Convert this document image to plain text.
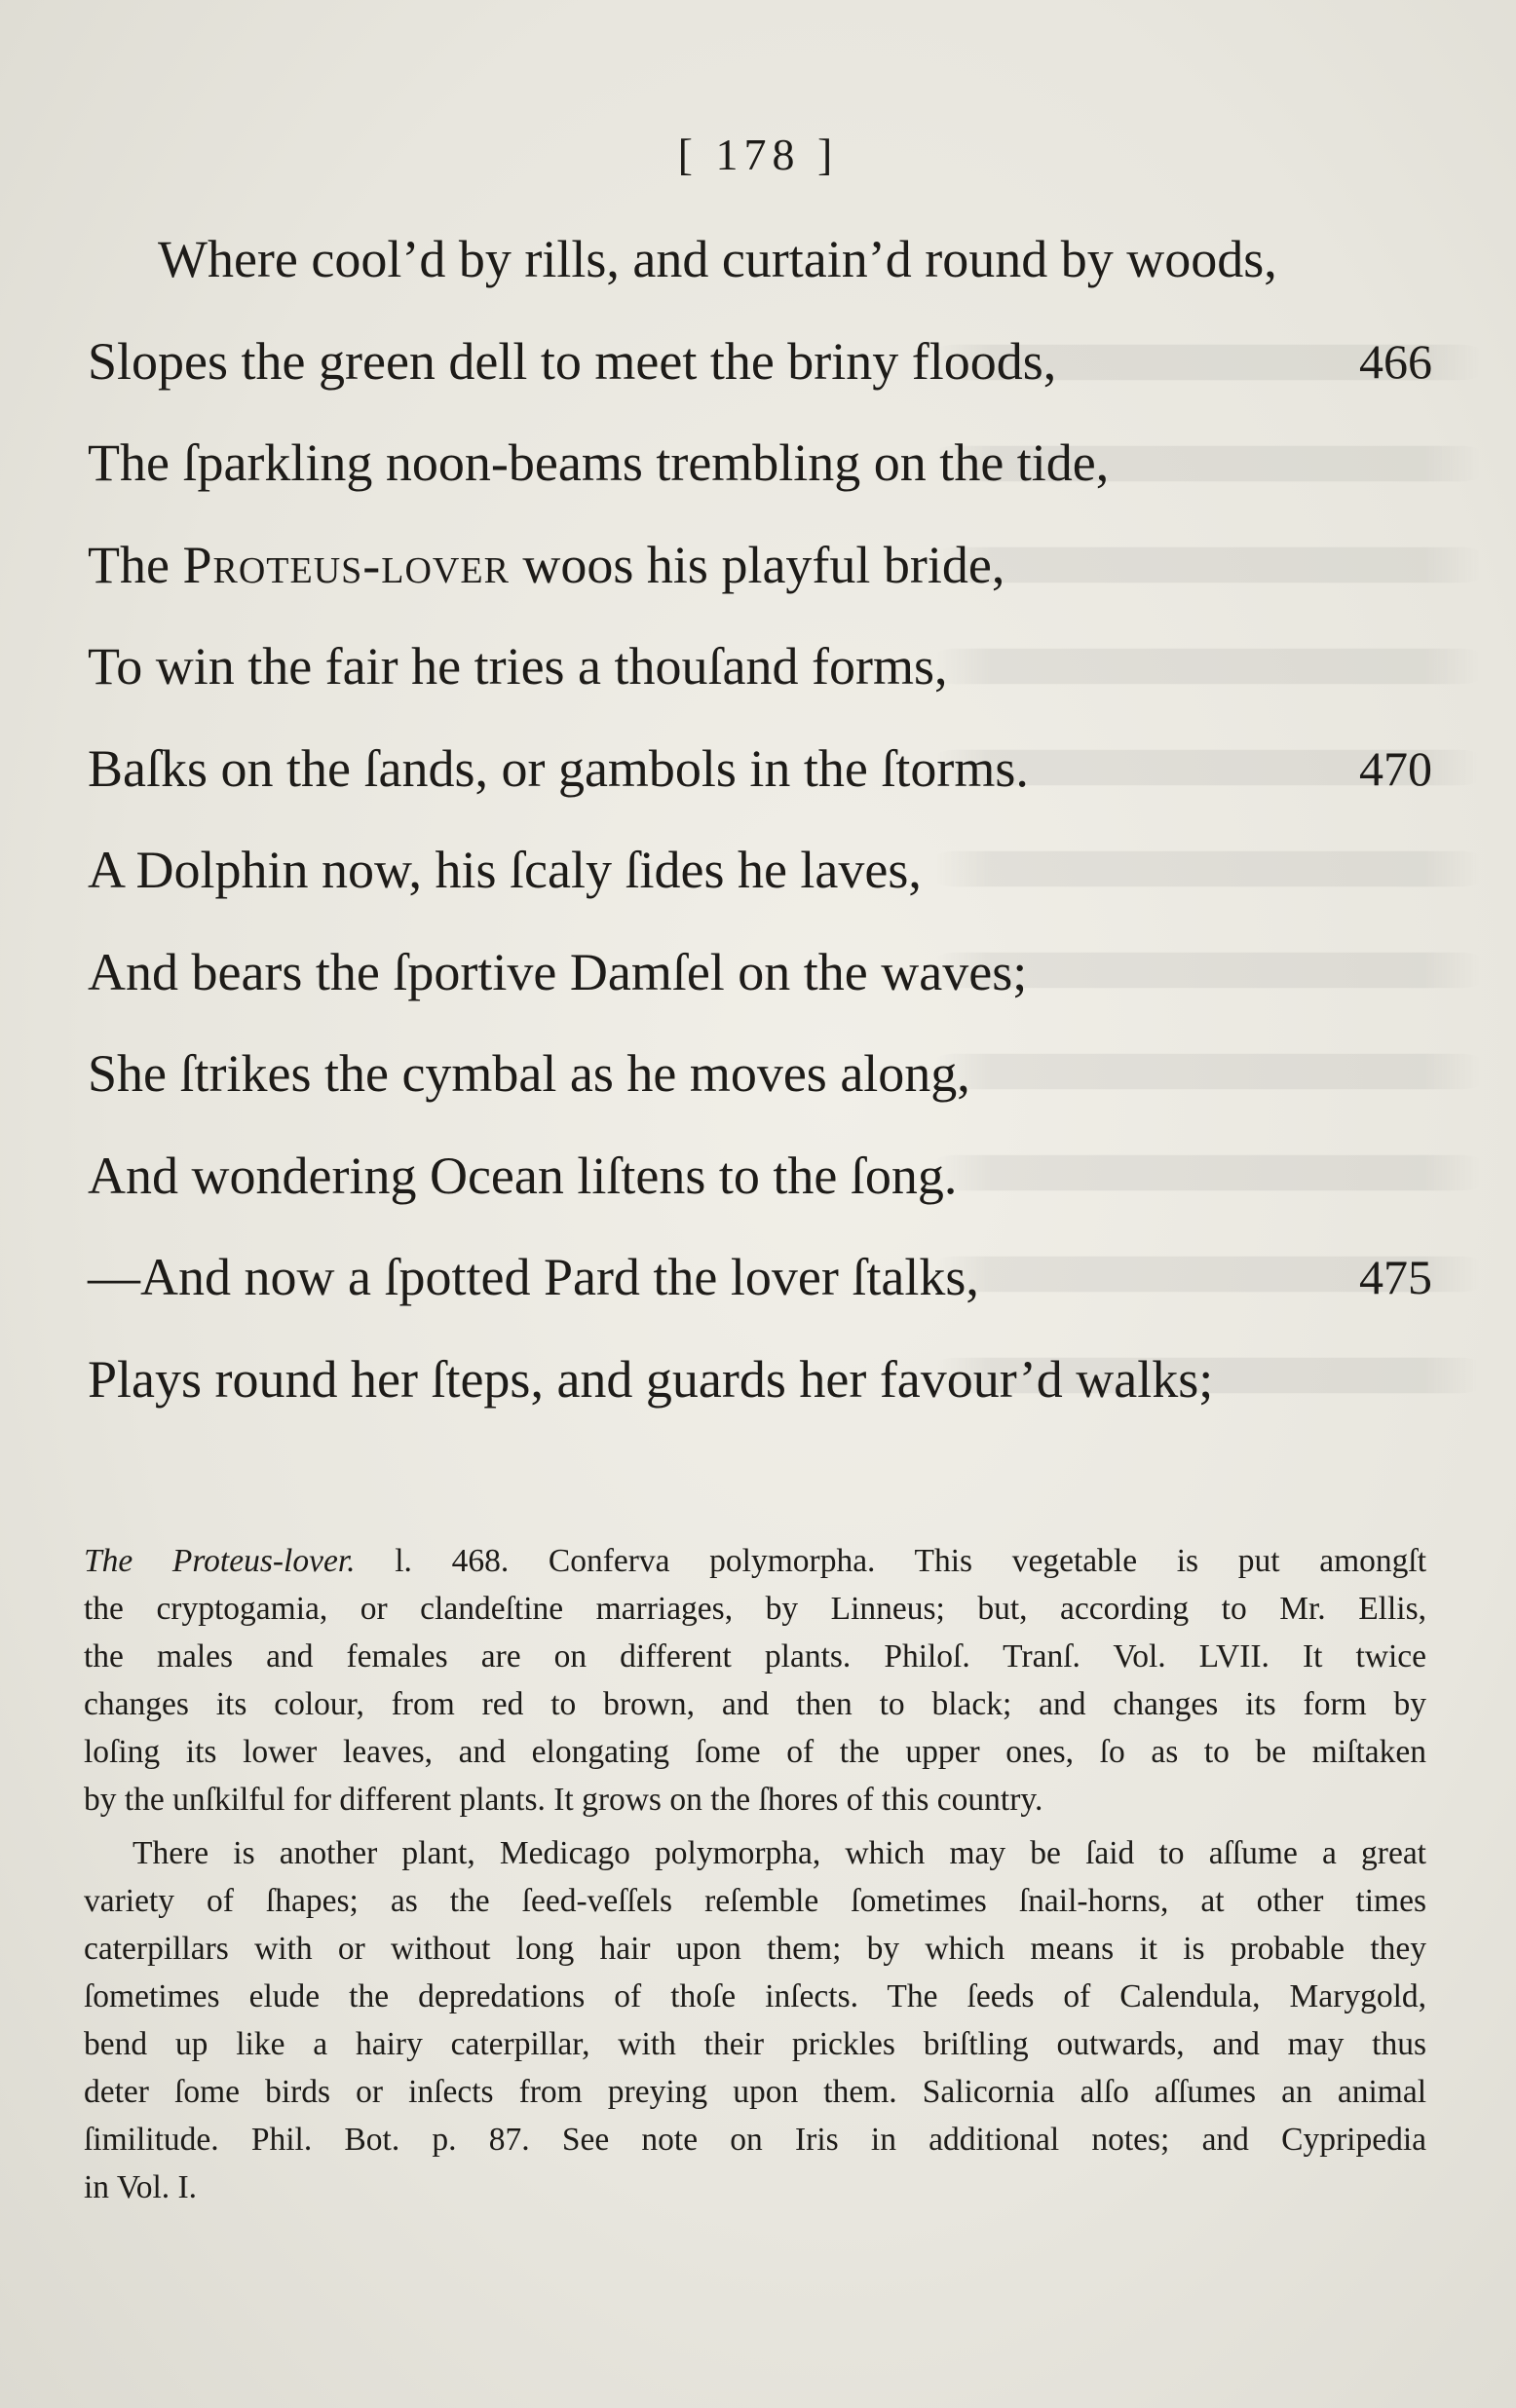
[ 178 ]
Where cool’d by rills, and curtain’d round by woods,
Slopes the green dell to meet the briny floods,	466
The ſparkling noon-beams trembling on the tide,
The Proteus-lover woos his playful bride,
To win the fair he tries a thouſand forms,
Baſks on the ſands, or gambols in the ſtorms.	470
A Dolphin now, his ſcaly ſides he laves,
And bears the ſportive Damſel on the waves;
She ſtrikes the cymbal as he moves along,
And wondering Ocean liſtens to the ſong.
—And now a ſpotted Pard the lover ſtalks,	475
Plays round her ſteps, and guards her favour’d walks;
The Proteus-lover. l. 468. Conferva polymorpha. This vegetable is put amongſt
the cryptogamia, or clandeſtine marriages, by Linneus; but, according to Mr. Ellis,
the males and females are on different plants. Philoſ. Tranſ. Vol. LVII. It twice
changes its colour, from red to brown, and then to black; and changes its form by
loſing its lower leaves, and elongating ſome of the upper ones, ſo as to be miſtaken
by the unſkilful for different plants. It grows on the ſhores of this country.
There is another plant, Medicago polymorpha, which may be ſaid to aſſume a great
variety of ſhapes; as the ſeed-veſſels reſemble ſometimes ſnail-horns, at other times
caterpillars with or without long hair upon them; by which means it is probable they
ſometimes elude the depredations of thoſe inſects. The ſeeds of Calendula, Marygold,
bend up like a hairy caterpillar, with their prickles briſtling outwards, and may thus
deter ſome birds or inſects from preying upon them. Salicornia alſo aſſumes an animal
ſimilitude. Phil. Bot. p. 87. See note on Iris in additional notes; and Cypripedia
in Vol. I.
